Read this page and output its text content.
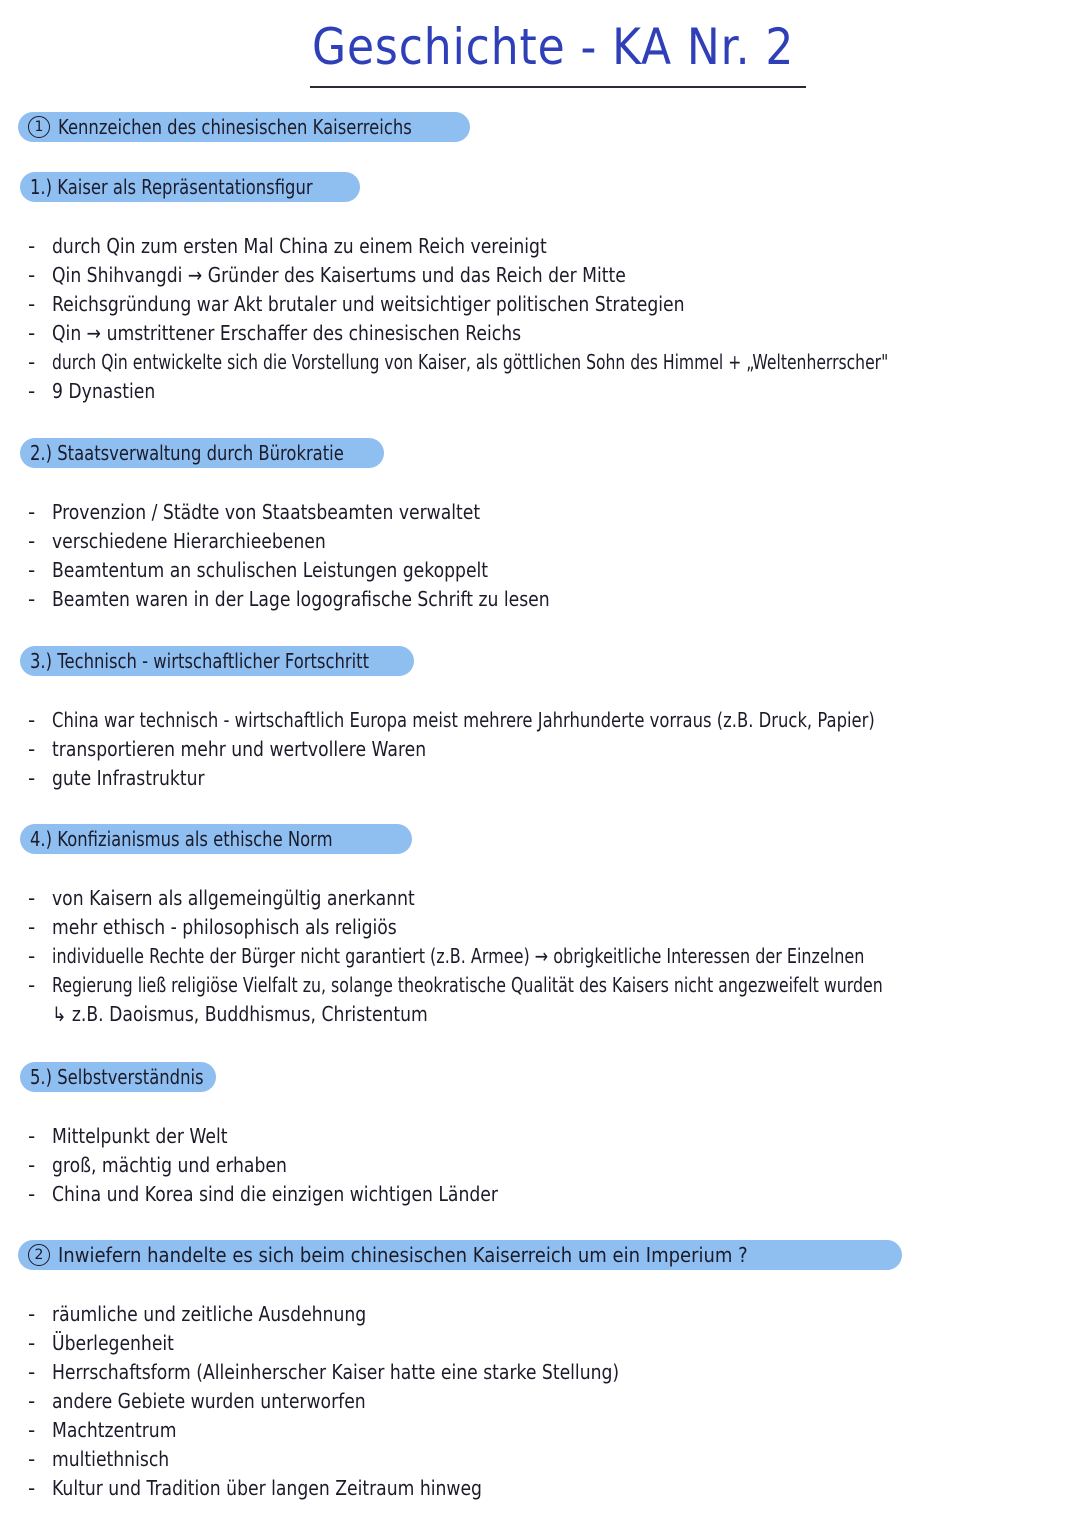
Geschichte - KA Nr. 2
1 Kennzeichen des chinesischen Kaiserreichs
1.) Kaiser als Repräsentationsfigur
- durch Qin zum ersten Mal China zu einem Reich vereinigt
- Qin Shihvangdi → Gründer des Kaisertums und das Reich der Mitte
- Reichsgründung war Akt brutaler und weitsichtiger politischen Strategien
- Qin → umstrittener Erschaffer des chinesischen Reichs
- durch Qin entwickelte sich die Vorstellung von Kaiser, als göttlichen Sohn des Himmel + „Weltenherrscher"
- 9 Dynastien
2.) Staatsverwaltung durch Bürokratie
- Provenzion / Städte von Staatsbeamten verwaltet
- verschiedene Hierarchieebenen
- Beamtentum an schulischen Leistungen gekoppelt
- Beamten waren in der Lage logografische Schrift zu lesen
3.) Technisch - wirtschaftlicher Fortschritt
- China war technisch - wirtschaftlich Europa meist mehrere Jahrhunderte vorraus (z.B. Druck, Papier)
- transportieren mehr und wertvollere Waren
- gute Infrastruktur
4.) Konfizianismus als ethische Norm
- von Kaisern als allgemeingültig anerkannt
- mehr ethisch - philosophisch als religiös
- individuelle Rechte der Bürger nicht garantiert (z.B. Armee) → obrigkeitliche Interessen der Einzelnen
- Regierung ließ religiöse Vielfalt zu, solange theokratische Qualität des Kaisers nicht angezweifelt wurden
↳ z.B. Daoismus, Buddhismus, Christentum
5.) Selbstverständnis
- Mittelpunkt der Welt
- groß, mächtig und erhaben
- China und Korea sind die einzigen wichtigen Länder
2 Inwiefern handelte es sich beim chinesischen Kaiserreich um ein Imperium ?
- räumliche und zeitliche Ausdehnung
- Überlegenheit
- Herrschaftsform (Alleinherscher Kaiser hatte eine starke Stellung)
- andere Gebiete wurden unterworfen
- Machtzentrum
- multiethnisch
- Kultur und Tradition über langen Zeitraum hinweg
